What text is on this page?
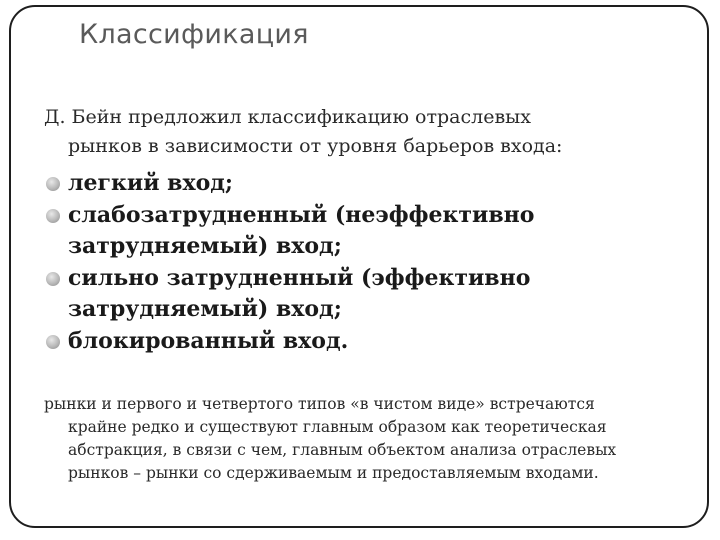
Классификация
Д. Бейн предложил классификацию отраслевых
рынков в зависимости от уровня барьеров входа:
легкий вход;
слабозатрудненный (неэффективно
затрудняемый) вход;
сильно затрудненный (эффективно
затрудняемый) вход;
блокированный вход.
рынки и первого и четвертого типов «в чистом виде» встречаются
крайне редко и существуют главным образом как теоретическая
абстракция, в связи с чем, главным объектом анализа отраслевых
рынков – рынки со сдерживаемым и предоставляемым входами.
